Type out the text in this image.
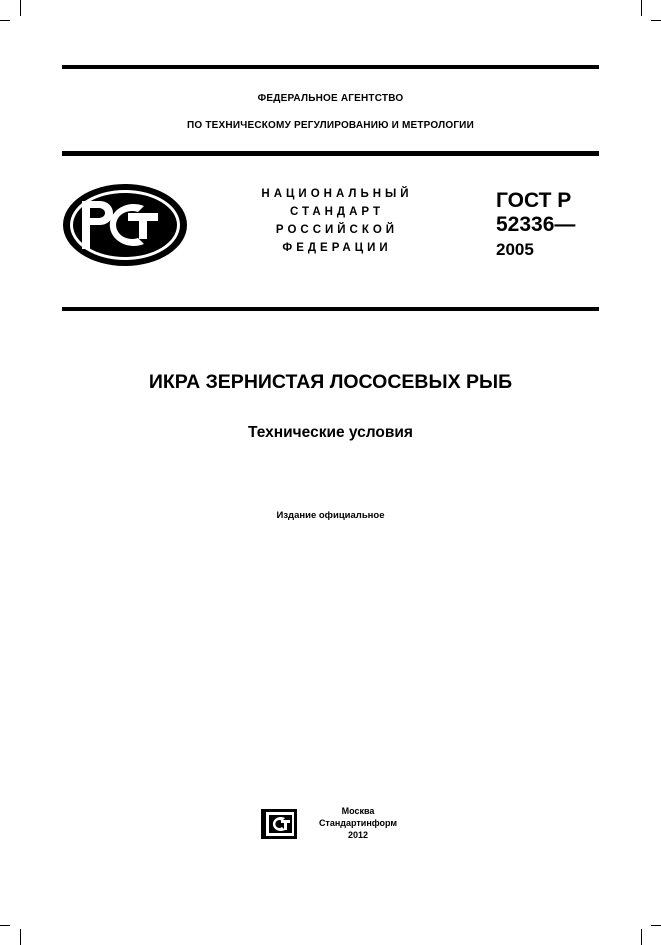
ФЕДЕРАЛЬНОЕ АГЕНТСТВО
ПО ТЕХНИЧЕСКОМУ РЕГУЛИРОВАНИЮ И МЕТРОЛОГИИ
НАЦИОНАЛЬНЫЙ
СТАНДАРТ
РОССИЙСКОЙ
ФЕДЕРАЦИИ
ГОСТ Р
52336—
2005
ИКРА ЗЕРНИСТАЯ ЛОСОСЕВЫХ РЫБ
Технические условия
Издание официальное
Москва
Стандартинформ
2012
